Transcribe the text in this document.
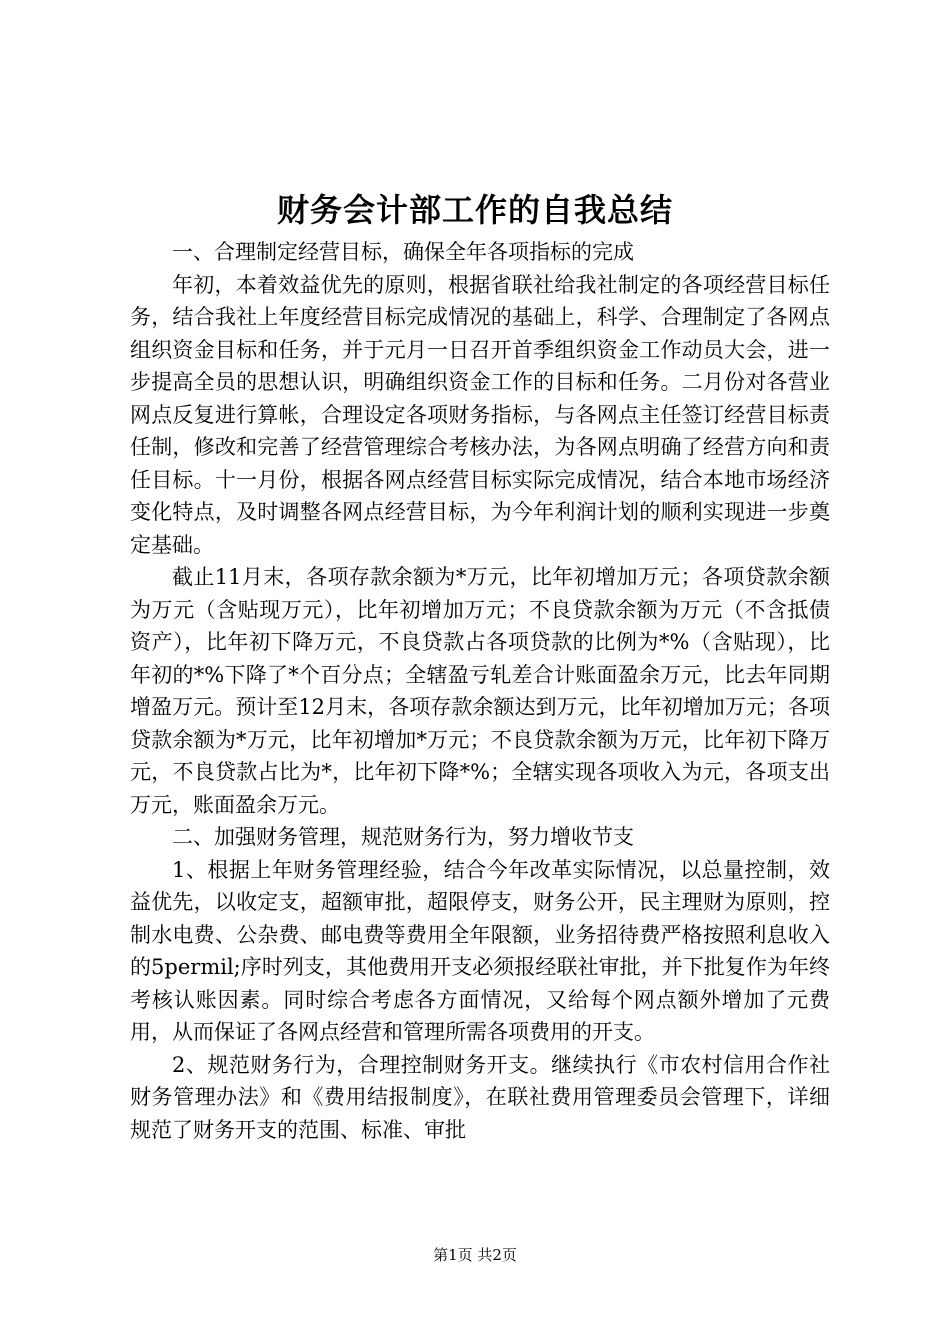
财务会计部工作的自我总结

一、合理制定经营目标，确保全年各项指标的完成

年初，本着效益优先的原则，根据省联社给我社制定的各项经营目标任务，结合我社上年度经营目标完成情况的基础上，科学、合理制定了各网点组织资金目标和任务，并于元月一日召开首季组织资金工作动员大会，进一步提高全员的思想认识，明确组织资金工作的目标和任务。二月份对各营业网点反复进行算帐，合理设定各项财务指标，与各网点主任签订经营目标责任制，修改和完善了经营管理综合考核办法，为各网点明确了经营方向和责任目标。十一月份，根据各网点经营目标实际完成情况，结合本地市场经济变化特点，及时调整各网点经营目标，为今年利润计划的顺利实现进一步奠定基础。

截止11月末，各项存款余额为*万元，比年初增加万元；各项贷款余额为万元（含贴现万元），比年初增加万元；不良贷款余额为万元（不含抵债资产），比年初下降万元，不良贷款占各项贷款的比例为*%（含贴现），比年初的*%下降了*个百分点；全辖盈亏轧差合计账面盈余万元，比去年同期增盈万元。预计至12月末，各项存款余额达到万元，比年初增加万元；各项贷款余额为*万元，比年初增加*万元；不良贷款余额为万元，比年初下降万元，不良贷款占比为*，比年初下降*%；全辖实现各项收入为元，各项支出万元，账面盈余万元。

二、加强财务管理，规范财务行为，努力增收节支

1、根据上年财务管理经验，结合今年改革实际情况，以总量控制，效益优先，以收定支，超额审批，超限停支，财务公开，民主理财为原则，控制水电费、公杂费、邮电费等费用全年限额，业务招待费严格按照利息收入的5permil;序时列支，其他费用开支必须报经联社审批，并下批复作为年终考核认账因素。同时综合考虑各方面情况，又给每个网点额外增加了元费用，从而保证了各网点经营和管理所需各项费用的开支。

2、规范财务行为，合理控制财务开支。继续执行《市农村信用合作社财务管理办法》和《费用结报制度》，在联社费用管理委员会管理下，详细规范了财务开支的范围、标准、审批

第1页 共2页
